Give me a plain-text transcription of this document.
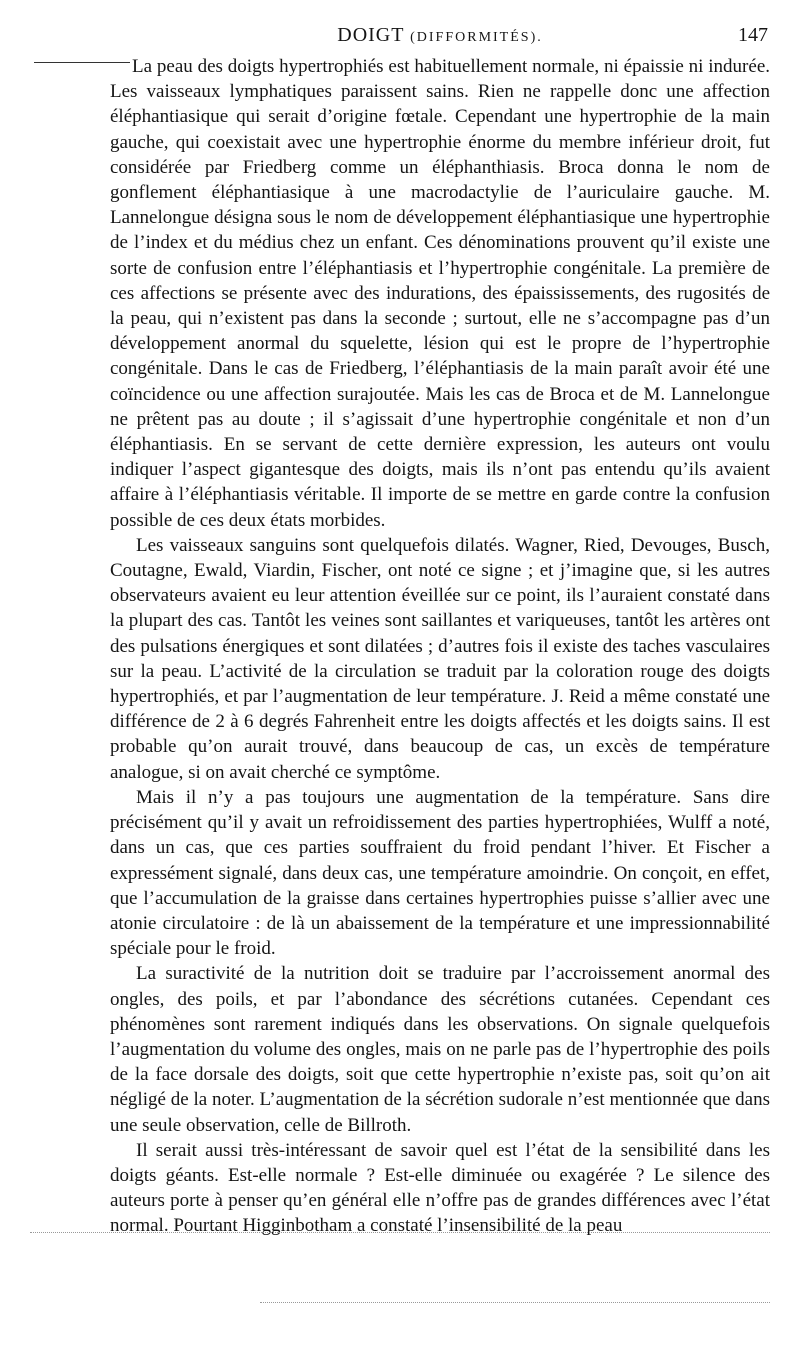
DOIGT (DIFFORMITÉS).	147

La peau des doigts hypertrophiés est habituellement normale, ni épaissie ni indurée. Les vaisseaux lymphatiques paraissent sains. Rien ne rappelle donc une affection éléphantiasique qui serait d’origine fœtale. Cependant une hypertrophie de la main gauche, qui coexistait avec une hypertrophie énorme du membre inférieur droit, fut considérée par Friedberg comme un éléphanthiasis. Broca donna le nom de gonflement éléphantiasique à une macrodactylie de l’auriculaire gauche. M. Lannelongue désigna sous le nom de développement éléphantiasique une hypertrophie de l’index et du médius chez un enfant. Ces dénominations prouvent qu’il existe une sorte de confusion entre l’éléphantiasis et l’hypertrophie congénitale. La première de ces affections se présente avec des indurations, des épaississements, des rugosités de la peau, qui n’existent pas dans la seconde ; surtout, elle ne s’accompagne pas d’un développement anormal du squelette, lésion qui est le propre de l’hypertrophie congénitale. Dans le cas de Friedberg, l’éléphantiasis de la main paraît avoir été une coïncidence ou une affection surajoutée. Mais les cas de Broca et de M. Lannelongue ne prêtent pas au doute ; il s’agissait d’une hypertrophie congénitale et non d’un éléphantiasis. En se servant de cette dernière expression, les auteurs ont voulu indiquer l’aspect gigantesque des doigts, mais ils n’ont pas entendu qu’ils avaient affaire à l’éléphantiasis véritable. Il importe de se mettre en garde contre la confusion possible de ces deux états morbides.

Les vaisseaux sanguins sont quelquefois dilatés. Wagner, Ried, Devouges, Busch, Coutagne, Ewald, Viardin, Fischer, ont noté ce signe ; et j’imagine que, si les autres observateurs avaient eu leur attention éveillée sur ce point, ils l’auraient constaté dans la plupart des cas. Tantôt les veines sont saillantes et variqueuses, tantôt les artères ont des pulsations énergiques et sont dilatées ; d’autres fois il existe des taches vasculaires sur la peau. L’activité de la circulation se traduit par la coloration rouge des doigts hypertrophiés, et par l’augmentation de leur température. J. Reid a même constaté une différence de 2 à 6 degrés Fahrenheit entre les doigts affectés et les doigts sains. Il est probable qu’on aurait trouvé, dans beaucoup de cas, un excès de température analogue, si on avait cherché ce symptôme.

Mais il n’y a pas toujours une augmentation de la température. Sans dire précisément qu’il y avait un refroidissement des parties hypertrophiées, Wulff a noté, dans un cas, que ces parties souffraient du froid pendant l’hiver. Et Fischer a expressément signalé, dans deux cas, une température amoindrie. On conçoit, en effet, que l’accumulation de la graisse dans certaines hypertrophies puisse s’allier avec une atonie circulatoire : de là un abaissement de la température et une impressionnabilité spéciale pour le froid.

La suractivité de la nutrition doit se traduire par l’accroissement anormal des ongles, des poils, et par l’abondance des sécrétions cutanées. Cependant ces phénomènes sont rarement indiqués dans les observations. On signale quelquefois l’augmentation du volume des ongles, mais on ne parle pas de l’hypertrophie des poils de la face dorsale des doigts, soit que cette hypertrophie n’existe pas, soit qu’on ait négligé de la noter. L’augmentation de la sécrétion sudorale n’est mentionnée que dans une seule observation, celle de Billroth.

Il serait aussi très-intéressant de savoir quel est l’état de la sensibilité dans les doigts géants. Est-elle normale ? Est-elle diminuée ou exagérée ? Le silence des auteurs porte à penser qu’en général elle n’offre pas de grandes différences avec l’état normal. Pourtant Higginbotham a constaté l’insensibilité de la peau
